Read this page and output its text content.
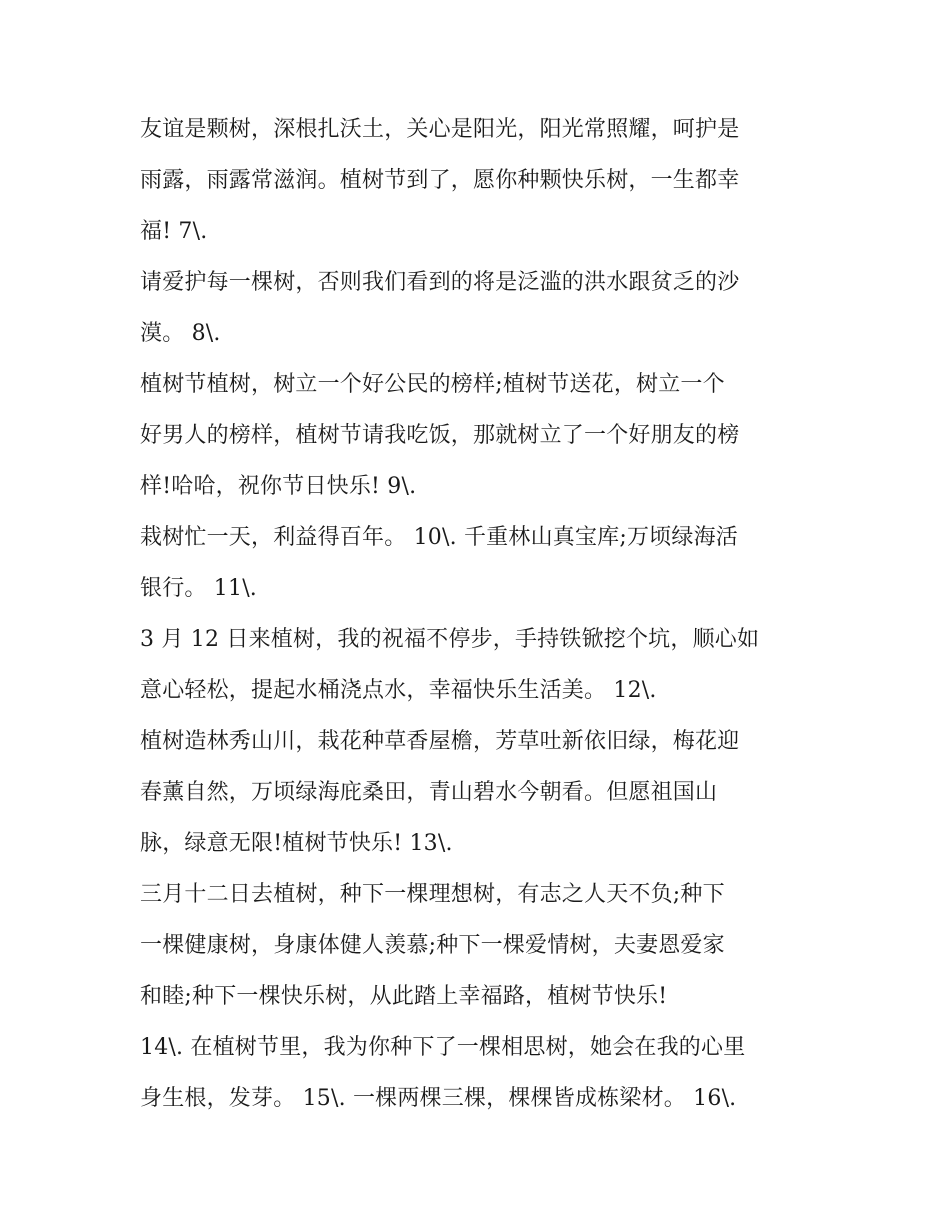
友谊是颗树，深根扎沃土，关心是阳光，阳光常照耀，呵护是
雨露，雨露常滋润。植树节到了，愿你种颗快乐树，一生都幸
福! 7\.
请爱护每一棵树，否则我们看到的将是泛滥的洪水跟贫乏的沙
漠。 8\.
植树节植树，树立一个好公民的榜样;植树节送花，树立一个
好男人的榜样，植树节请我吃饭，那就树立了一个好朋友的榜
样!哈哈，祝你节日快乐! 9\.
栽树忙一天，利益得百年。 10\. 千重林山真宝库;万顷绿海活
银行。 11\.
3 月 12 日来植树，我的祝福不停步，手持铁锨挖个坑，顺心如
意心轻松，提起水桶浇点水，幸福快乐生活美。 12\.
植树造林秀山川，栽花种草香屋檐，芳草吐新依旧绿，梅花迎
春薰自然，万顷绿海庇桑田，青山碧水今朝看。但愿祖国山
脉，绿意无限!植树节快乐! 13\.
三月十二日去植树，种下一棵理想树，有志之人天不负;种下
一棵健康树，身康体健人羡慕;种下一棵爱情树，夫妻恩爱家
和睦;种下一棵快乐树，从此踏上幸福路，植树节快乐!
14\. 在植树节里，我为你种下了一棵相思树，她会在我的心里
身生根，发芽。 15\. 一棵两棵三棵，棵棵皆成栋梁材。 16\.
